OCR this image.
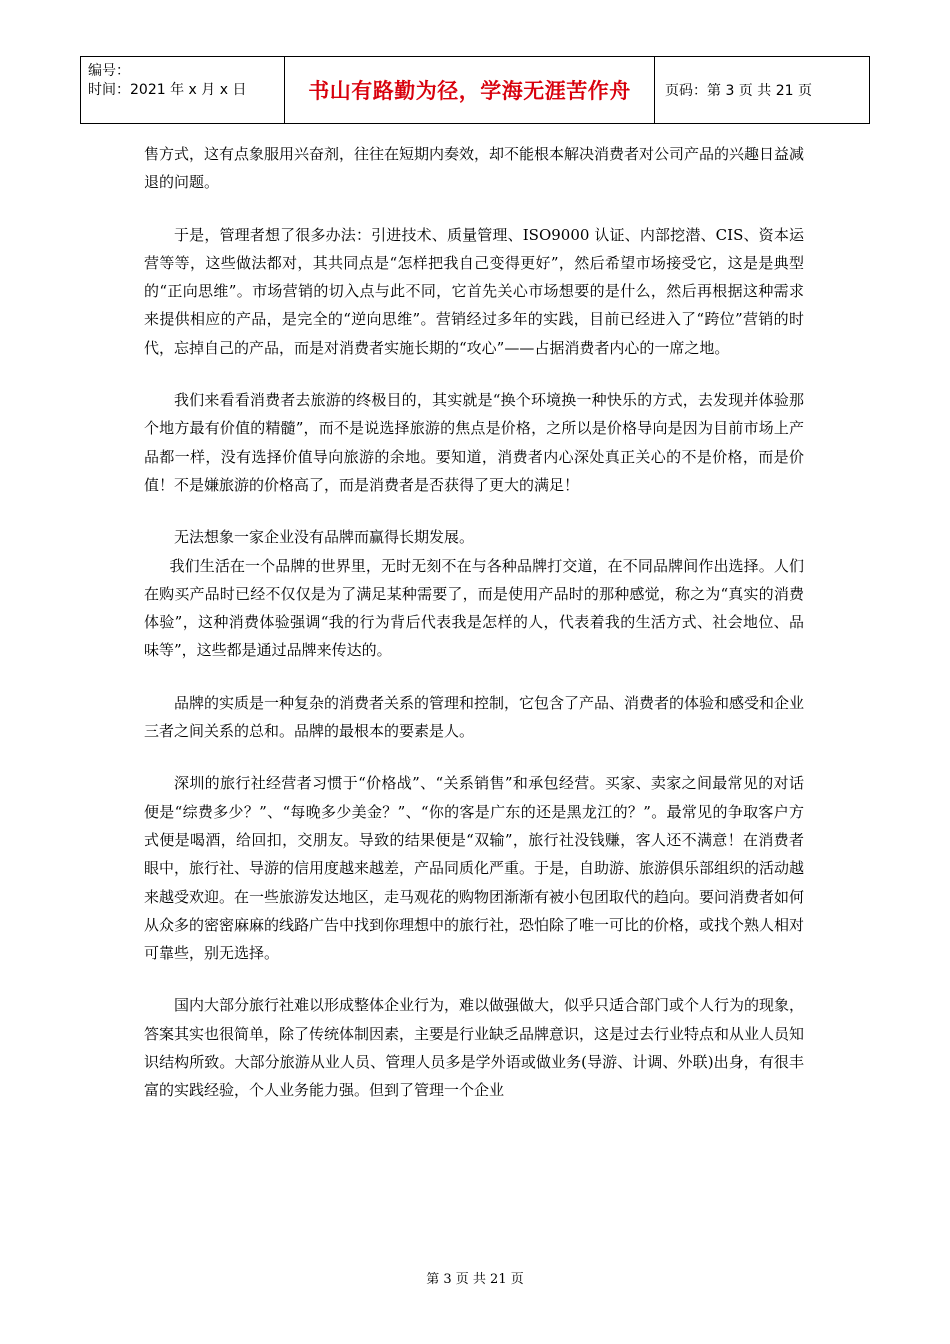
编号：
时间：2021 年 x 月 x 日	书山有路勤为径，学海无涯苦作舟 页码：第 3 页 共 21 页

售方式，这有点象服用兴奋剂，往往在短期内奏效，却不能根本解决消费者对公司产品的兴趣日益减退的问题。

于是，管理者想了很多办法：引进技术、质量管理、ISO9000 认证、内部挖潜、CIS、资本运营等等，这些做法都对，其共同点是“怎样把我自己变得更好”，然后希望市场接受它，这是是典型的“正向思维”。市场营销的切入点与此不同，它首先关心市场想要的是什么，然后再根据这种需求来提供相应的产品，是完全的“逆向思维”。营销经过多年的实践，目前已经进入了“跨位”营销的时代，忘掉自己的产品，而是对消费者实施长期的“攻心”——占据消费者内心的一席之地。

我们来看看消费者去旅游的终极目的，其实就是“换个环境换一种快乐的方式，去发现并体验那个地方最有价值的精髓”，而不是说选择旅游的焦点是价格，之所以是价格导向是因为目前市场上产品都一样，没有选择价值导向旅游的余地。要知道，消费者内心深处真正关心的不是价格，而是价值！不是嫌旅游的价格高了，而是消费者是否获得了更大的满足！

无法想象一家企业没有品牌而赢得长期发展。

我们生活在一个品牌的世界里，无时无刻不在与各种品牌打交道，在不同品牌间作出选择。人们在购买产品时已经不仅仅是为了满足某种需要了，而是使用产品时的那种感觉，称之为“真实的消费体验”，这种消费体验强调“我的行为背后代表我是怎样的人，代表着我的生活方式、社会地位、品味等”，这些都是通过品牌来传达的。

品牌的实质是一种复杂的消费者关系的管理和控制，它包含了产品、消费者的体验和感受和企业三者之间关系的总和。品牌的最根本的要素是人。

深圳的旅行社经营者习惯于“价格战”、“关系销售”和承包经营。买家、卖家之间最常见的对话便是“综费多少？”、“每晚多少美金？”、“你的客是广东的还是黑龙江的？”。最常见的争取客户方式便是喝酒，给回扣，交朋友。导致的结果便是“双输”，旅行社没钱赚，客人还不满意！在消费者眼中，旅行社、导游的信用度越来越差，产品同质化严重。于是，自助游、旅游俱乐部组织的活动越来越受欢迎。在一些旅游发达地区，走马观花的购物团渐渐有被小包团取代的趋向。要问消费者如何从众多的密密麻麻的线路广告中找到你理想中的旅行社，恐怕除了唯一可比的价格，或找个熟人相对可靠些，别无选择。

国内大部分旅行社难以形成整体企业行为，难以做强做大，似乎只适合部门或个人行为的现象，答案其实也很简单，除了传统体制因素，主要是行业缺乏品牌意识，这是过去行业特点和从业人员知识结构所致。大部分旅游从业人员、管理人员多是学外语或做业务(导游、计调、外联)出身，有很丰富的实践经验，个人业务能力强。但到了管理一个企业

第 3 页 共 21 页
